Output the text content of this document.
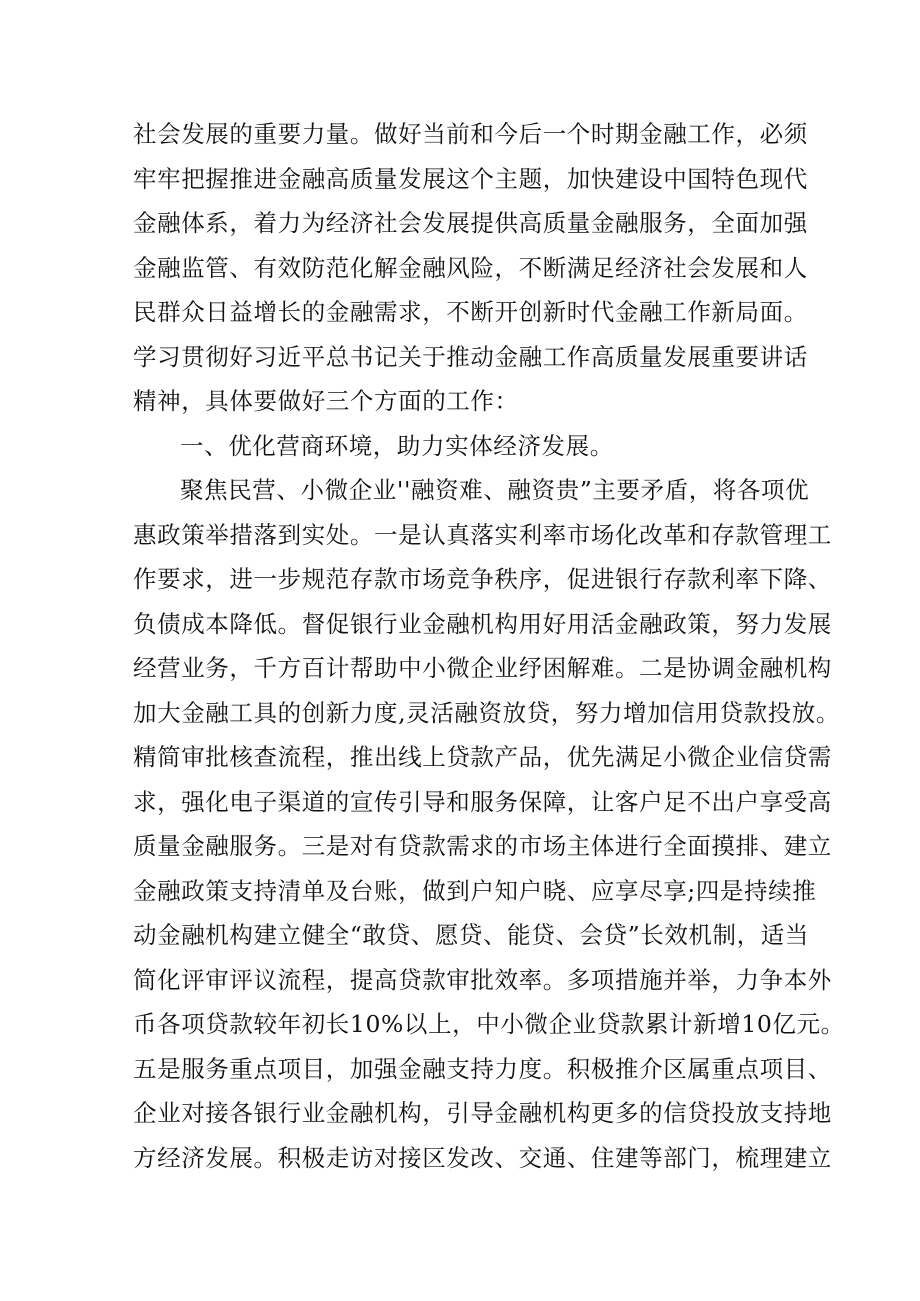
社会发展的重要力量。做好当前和今后一个时期金融工作，必须
牢牢把握推进金融高质量发展这个主题，加快建设中国特色现代
金融体系，着力为经济社会发展提供高质量金融服务，全面加强
金融监管、有效防范化解金融风险，不断满足经济社会发展和人
民群众日益增长的金融需求，不断开创新时代金融工作新局面。
学习贯彻好习近平总书记关于推动金融工作高质量发展重要讲话
精神，具体要做好三个方面的工作：
一、优化营商环境，助力实体经济发展。
聚焦民营、小微企业''融资难、融资贵”主要矛盾，将各项优
惠政策举措落到实处。一是认真落实利率市场化改革和存款管理工
作要求，进一步规范存款市场竞争秩序，促进银行存款利率下降、
负债成本降低。督促银行业金融机构用好用活金融政策，努力发展
经营业务，千方百计帮助中小微企业纾困解难。二是协调金融机构
加大金融工具的创新力度,灵活融资放贷，努力增加信用贷款投放。
精简审批核查流程，推出线上贷款产品，优先满足小微企业信贷需
求，强化电子渠道的宣传引导和服务保障，让客户足不出户享受高
质量金融服务。三是对有贷款需求的市场主体进行全面摸排、建立
金融政策支持清单及台账，做到户知户晓、应享尽享;四是持续推
动金融机构建立健全“敢贷、愿贷、能贷、会贷”长效机制，适当
简化评审评议流程，提高贷款审批效率。多项措施并举，力争本外
币各项贷款较年初长10%以上，中小微企业贷款累计新增10亿元。
五是服务重点项目，加强金融支持力度。积极推介区属重点项目、
企业对接各银行业金融机构，引导金融机构更多的信贷投放支持地
方经济发展。积极走访对接区发改、交通、住建等部门，梳理建立
